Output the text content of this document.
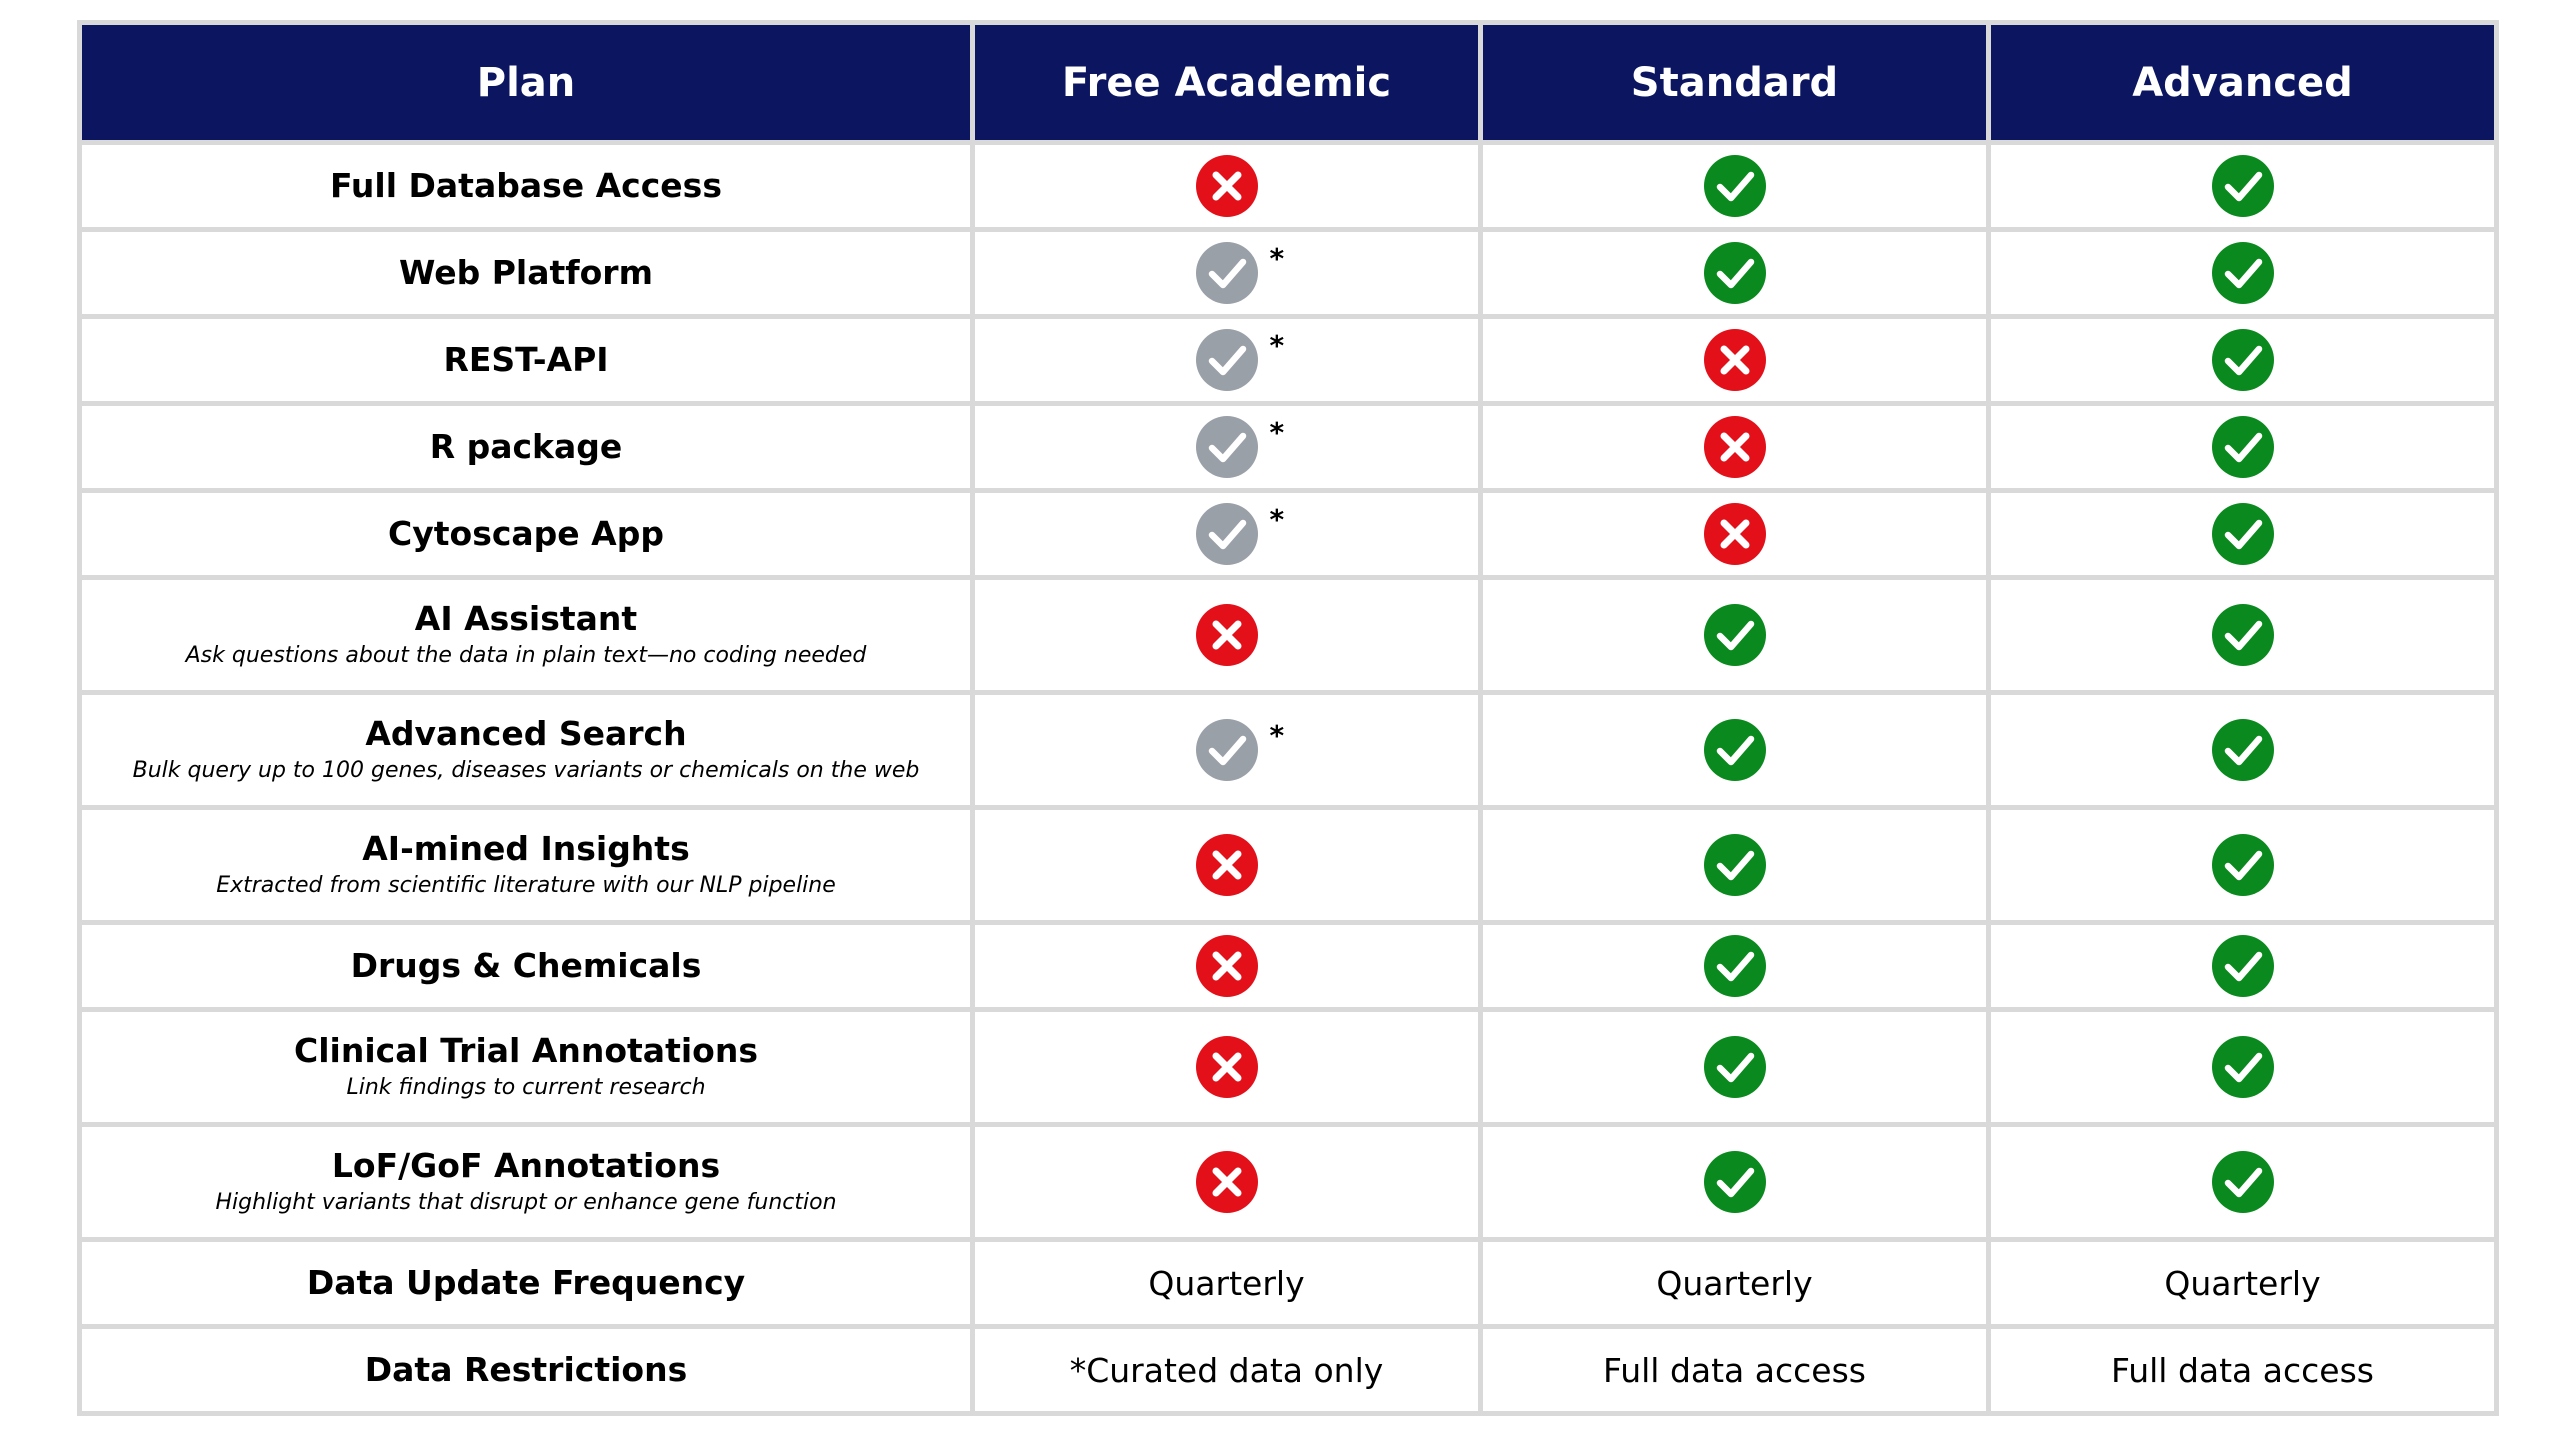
Plan	Free Academic	Standard	Advanced

Full Database Access

Web Platform	*

REST-API	*

R package	*

Cytoscape App	*

AI Assistant
Ask questions about the data in plain text—no coding needed

Advanced Search
Bulk query up to 100 genes, diseases variants or chemicals on the web	*

AI-mined Insights
Extracted from scientific literature with our NLP pipeline

Drugs & Chemicals

Clinical Trial Annotations
Link findings to current research

LoF/GoF Annotations
Highlight variants that disrupt or enhance gene function

Data Update Frequency	Quarterly	Quarterly	Quarterly

Data Restrictions	*Curated data only	Full data access	Full data access
